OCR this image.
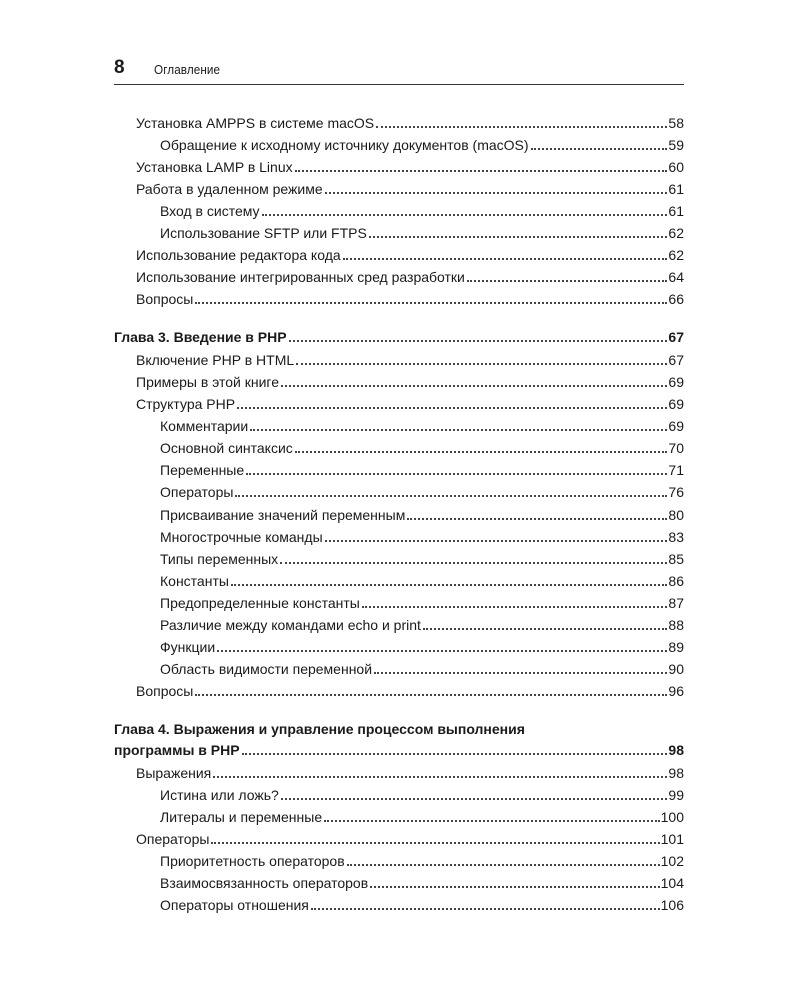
8 Оглавление
Установка AMPPS в системе macOS	58
Обращение к исходному источнику документов (macOS)	59
Установка LAMP в Linux	60
Работа в удаленном режиме	61
Вход в систему	61
Использование SFTP или FTPS	62
Использование редактора кода	62
Использование интегрированных сред разработки	64
Вопросы	66
Глава 3. Введение в PHP	67
Включение PHP в HTML	67
Примеры в этой книге	69
Структура PHP	69
Комментарии	69
Основной синтаксис	70
Переменные	71
Операторы	76
Присваивание значений переменным	80
Многострочные команды	83
Типы переменных	85
Константы	86
Предопределенные константы	87
Различие между командами echo и print	88
Функции	89
Область видимости переменной	90
Вопросы	96
Глава 4. Выражения и управление процессом выполнения
программы в PHP	98
Выражения	98
Истина или ложь?	99
Литералы и переменные	100
Операторы	101
Приоритетность операторов	102
Взаимосвязанность операторов	104
Операторы отношения	106
